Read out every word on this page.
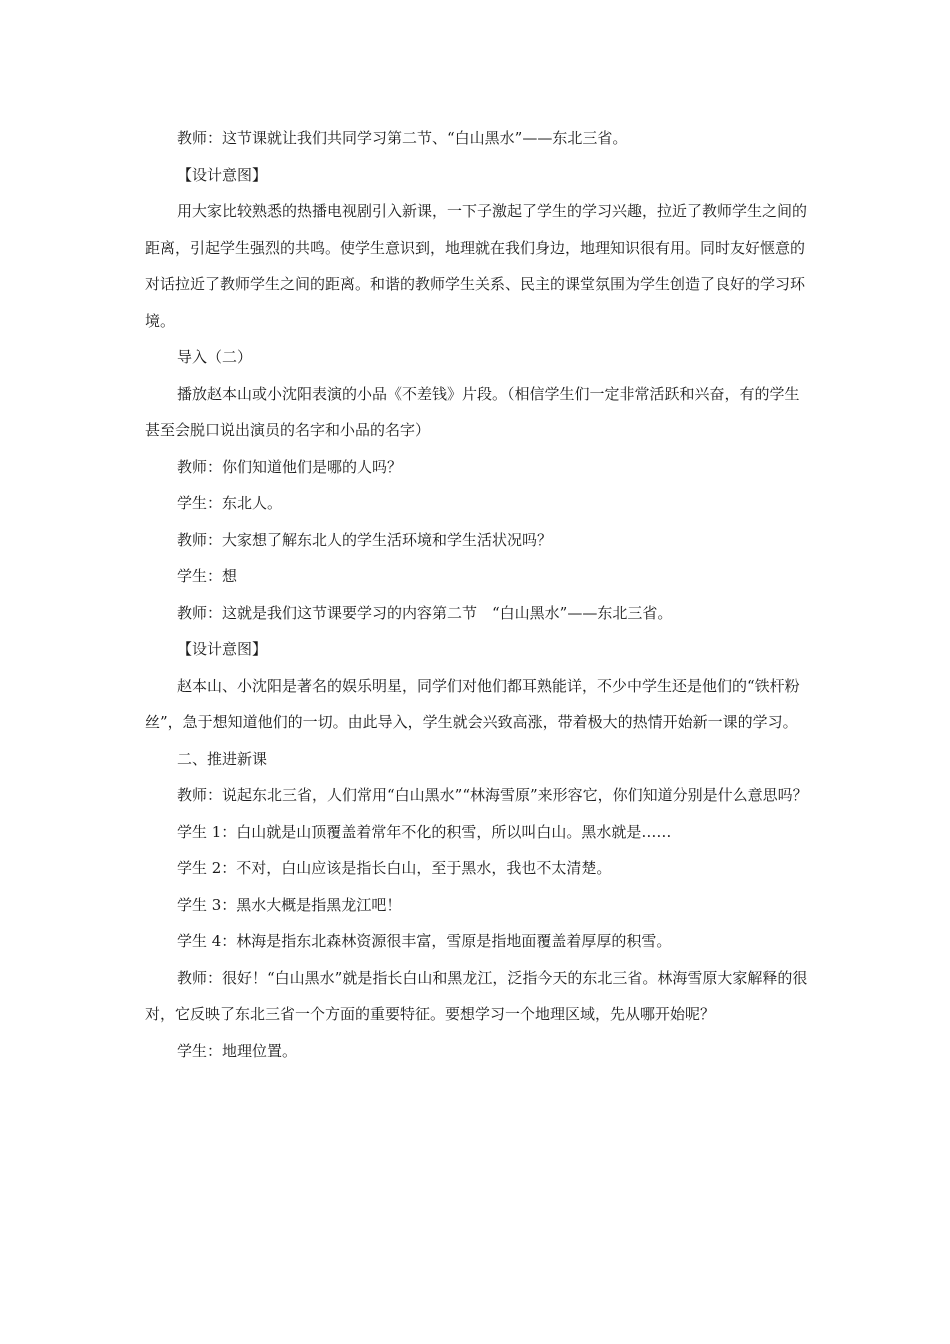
教师：这节课就让我们共同学习第二节、“白山黑水”——东北三省。

【设计意图】

用大家比较熟悉的热播电视剧引入新课，一下子激起了学生的学习兴趣，拉近了教师学生之间的距离，引起学生强烈的共鸣。使学生意识到，地理就在我们身边，地理知识很有用。同时友好惬意的对话拉近了教师学生之间的距离。和谐的教师学生关系、民主的课堂氛围为学生创造了良好的学习环境。

导入（二）

播放赵本山或小沈阳表演的小品《不差钱》片段。（相信学生们一定非常活跃和兴奋，有的学生甚至会脱口说出演员的名字和小品的名字）

教师：你们知道他们是哪的人吗？

学生：东北人。

教师：大家想了解东北人的学生活环境和学生活状况吗？

学生：想

教师：这就是我们这节课要学习的内容第二节　“白山黑水”——东北三省。

【设计意图】

赵本山、小沈阳是著名的娱乐明星，同学们对他们都耳熟能详，不少中学生还是他们的“铁杆粉丝”，急于想知道他们的一切。由此导入，学生就会兴致高涨，带着极大的热情开始新一课的学习。

二、推进新课

教师：说起东北三省，人们常用“白山黑水”“林海雪原”来形容它，你们知道分别是什么意思吗？

学生 1：白山就是山顶覆盖着常年不化的积雪，所以叫白山。黑水就是……

学生 2：不对，白山应该是指长白山，至于黑水，我也不太清楚。

学生 3：黑水大概是指黑龙江吧！

学生 4：林海是指东北森林资源很丰富，雪原是指地面覆盖着厚厚的积雪。

教师：很好！“白山黑水”就是指长白山和黑龙江，泛指今天的东北三省。林海雪原大家解释的很对，它反映了东北三省一个方面的重要特征。要想学习一个地理区域，先从哪开始呢？

学生：地理位置。
